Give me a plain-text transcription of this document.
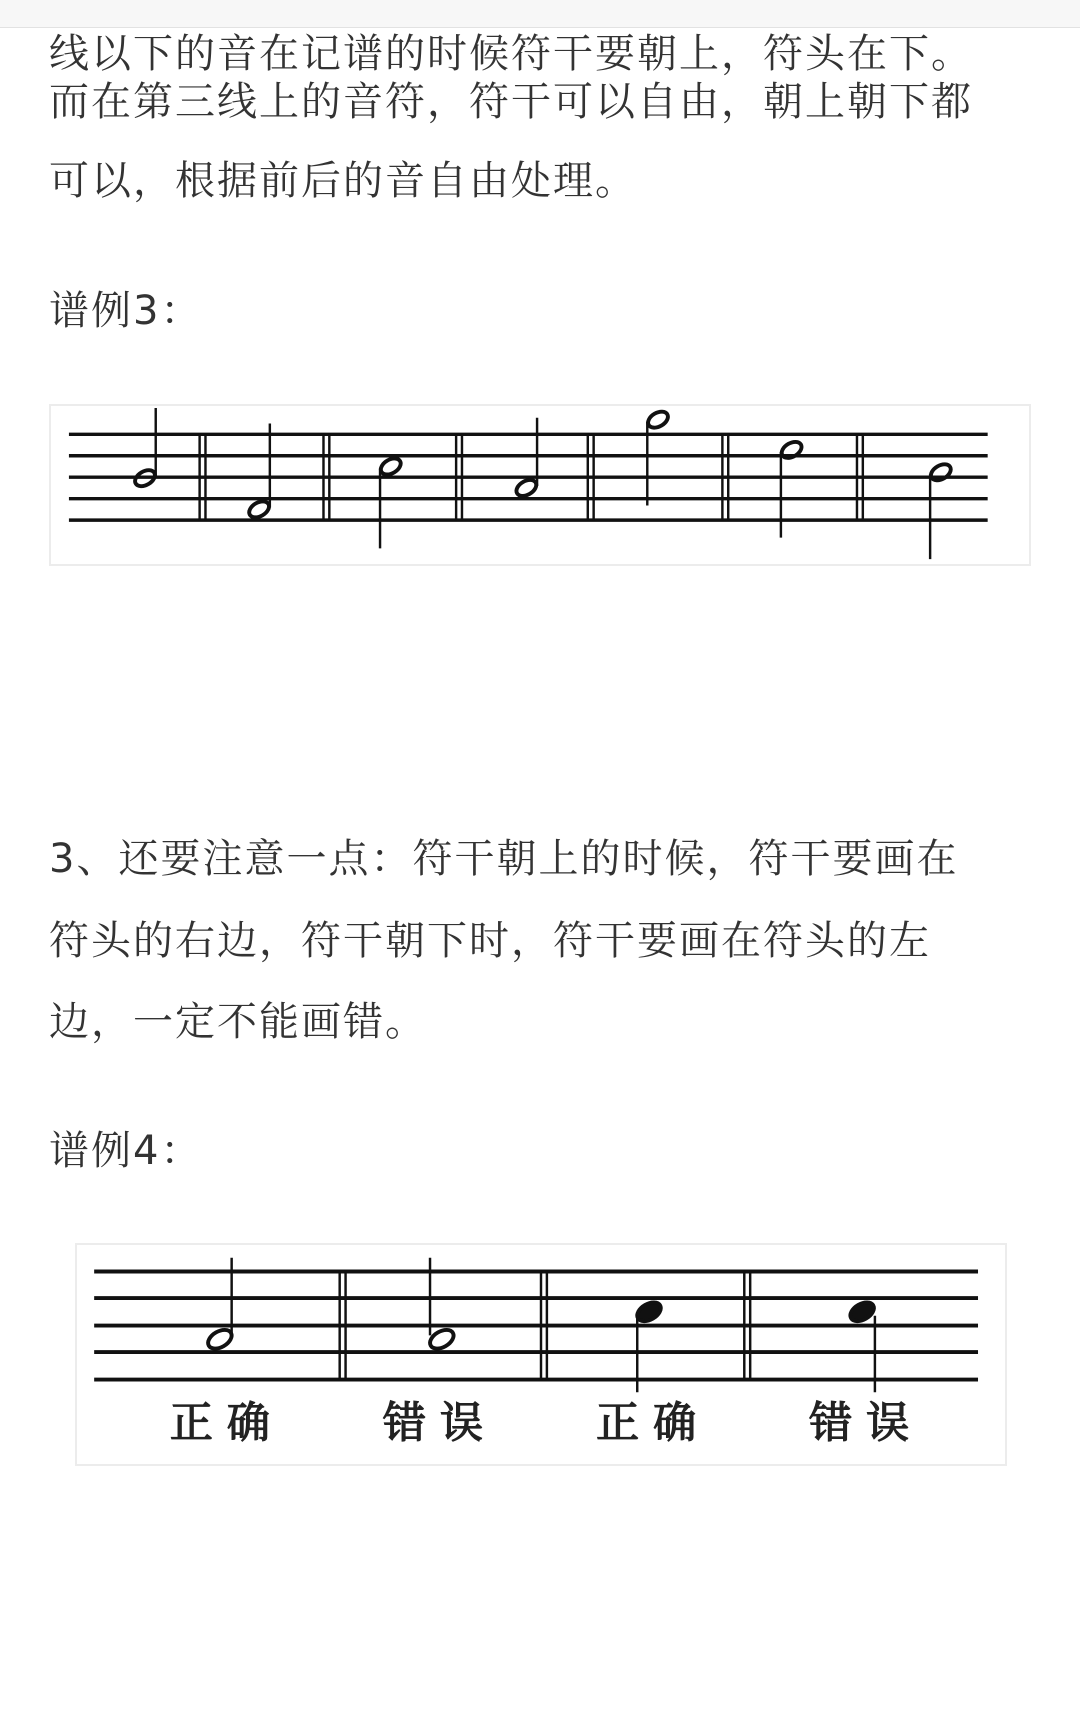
线以下的音在记谱的时候符干要朝上，符头在下。
而在第三线上的音符，符干可以自由，朝上朝下都
可以，根据前后的音自由处理。
谱例3：
3、还要注意一点：符干朝上的时候，符干要画在
符头的右边，符干朝下时，符干要画在符头的左
边，一定不能画错。
谱例4：
正确 错误 正确 错误
